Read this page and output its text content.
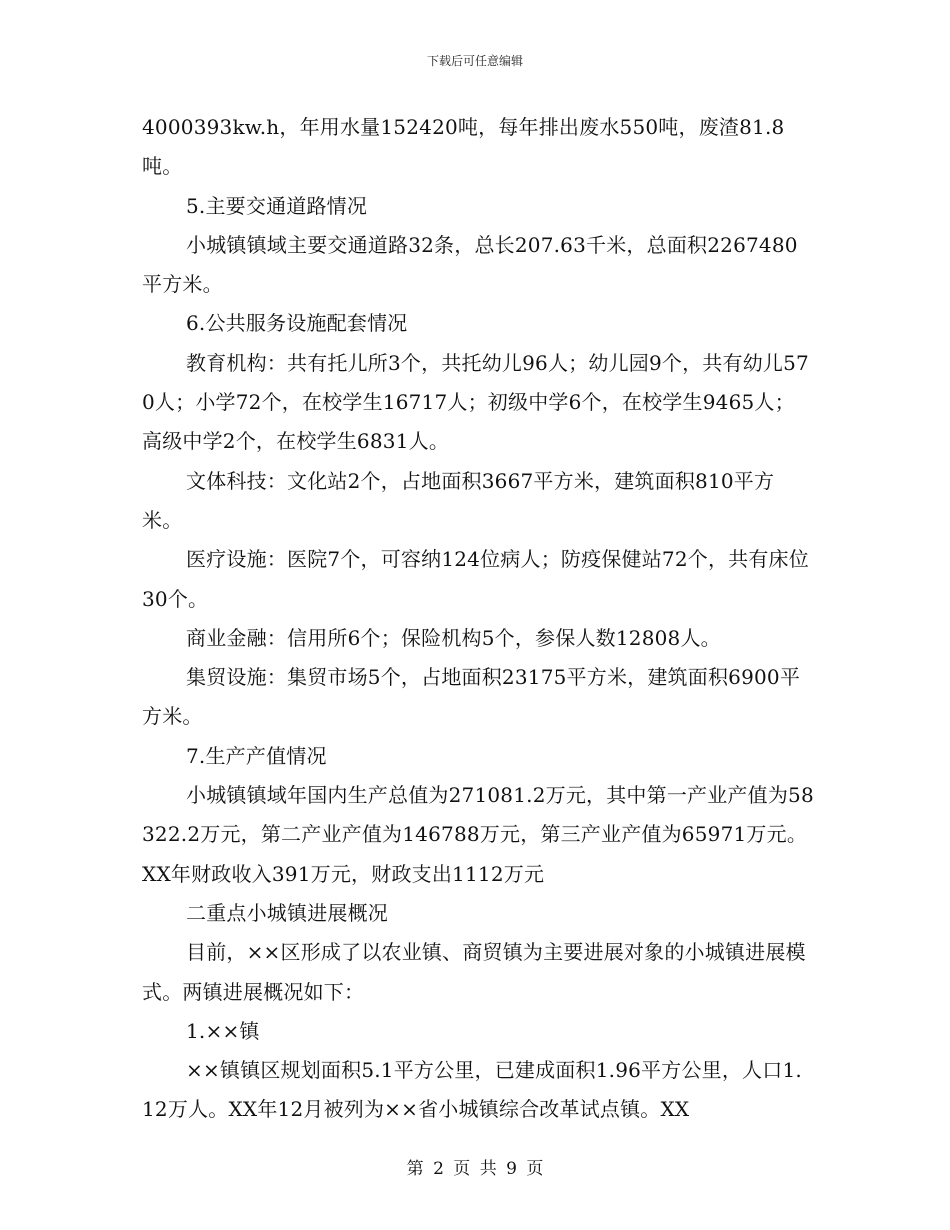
下载后可任意编辑

4000393kw.h，年用水量152420吨，每年排出废水550吨，废渣81.8吨。

5.主要交通道路情况

小城镇镇域主要交通道路32条，总长207.63千米，总面积2267480平方米。

6.公共服务设施配套情况

教育机构：共有托儿所3个，共托幼儿96人；幼儿园9个，共有幼儿570人；小学72个，在校学生16717人；初级中学6个，在校学生9465人；高级中学2个，在校学生6831人。

文体科技：文化站2个，占地面积3667平方米，建筑面积810平方米。

医疗设施：医院7个，可容纳124位病人；防疫保健站72个，共有床位30个。

商业金融：信用所6个；保险机构5个，参保人数12808人。

集贸设施：集贸市场5个，占地面积23175平方米，建筑面积6900平方米。

7.生产产值情况

小城镇镇域年国内生产总值为271081.2万元，其中第一产业产值为58322.2万元，第二产业产值为146788万元，第三产业产值为65971万元。XX年财政收入391万元，财政支出1112万元

二重点小城镇进展概况

目前，××区形成了以农业镇、商贸镇为主要进展对象的小城镇进展模式。两镇进展概况如下：

1.××镇

××镇镇区规划面积5.1平方公里，已建成面积1.96平方公里，人口1.12万人。XX年12月被列为××省小城镇综合改革试点镇。XX

第 2 页 共 9 页
